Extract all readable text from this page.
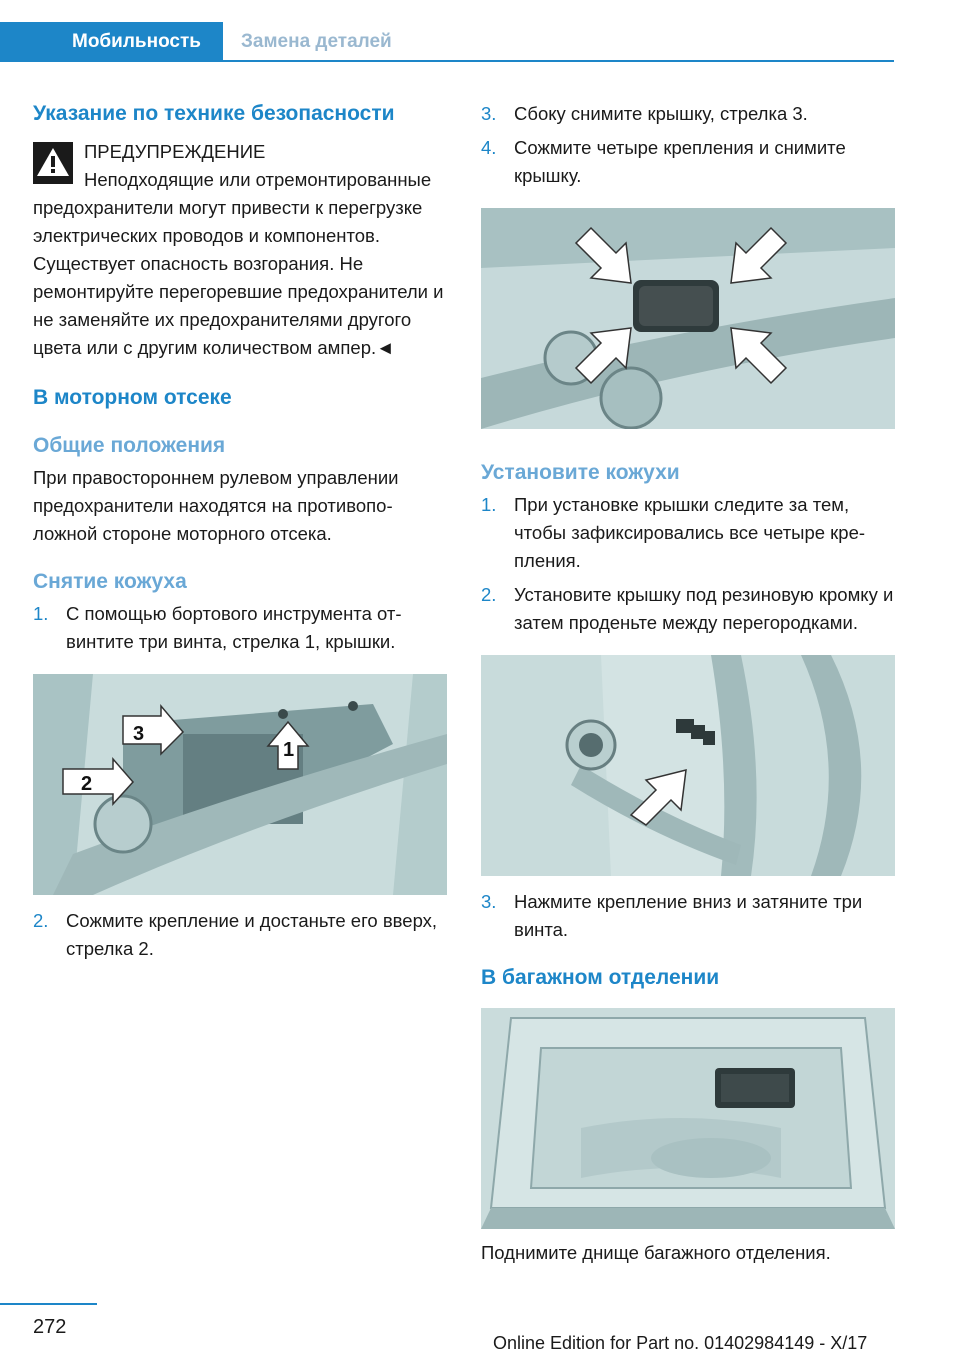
Мобильность	Замена деталей
Указание по технике безопасности

ПРЕДУПРЕЖДЕНИЕ

Неподходящие или отремонтированные предохранители могут привести к перегрузке электрических проводов и компонентов. Существует опасность возгорания. Не ремонтируйте перегоревшие предохранители и не заменяйте их предохранителями другого цвета или с другим количеством ампер.◄

В моторном отсеке
Общие положения

При правостороннем рулевом управлении предохранители находятся на противоположной стороне моторного отсека.

Снятие кожуха
1. С помощью бортового инструмента отвинтите три винта, стрелка 1, крышки.
1
2
3
2. Сожмите крепление и достаньте его вверх, стрелка 2.
3. Сбоку снимите крышку, стрелка 3.
4. Сожмите четыре крепления и снимите крышку.
Установите кожухи
1. При установке крышки следите за тем, чтобы зафиксировались все четыре крепления.
2. Установите крышку под резиновую кромку и затем проденьте между перегородками.
3. Нажмите крепление вниз и затяните три винта.
В багажном отделении

Поднимите днище багажного отделения.

272
Online Edition for Part no. 01402984149 - X/17
